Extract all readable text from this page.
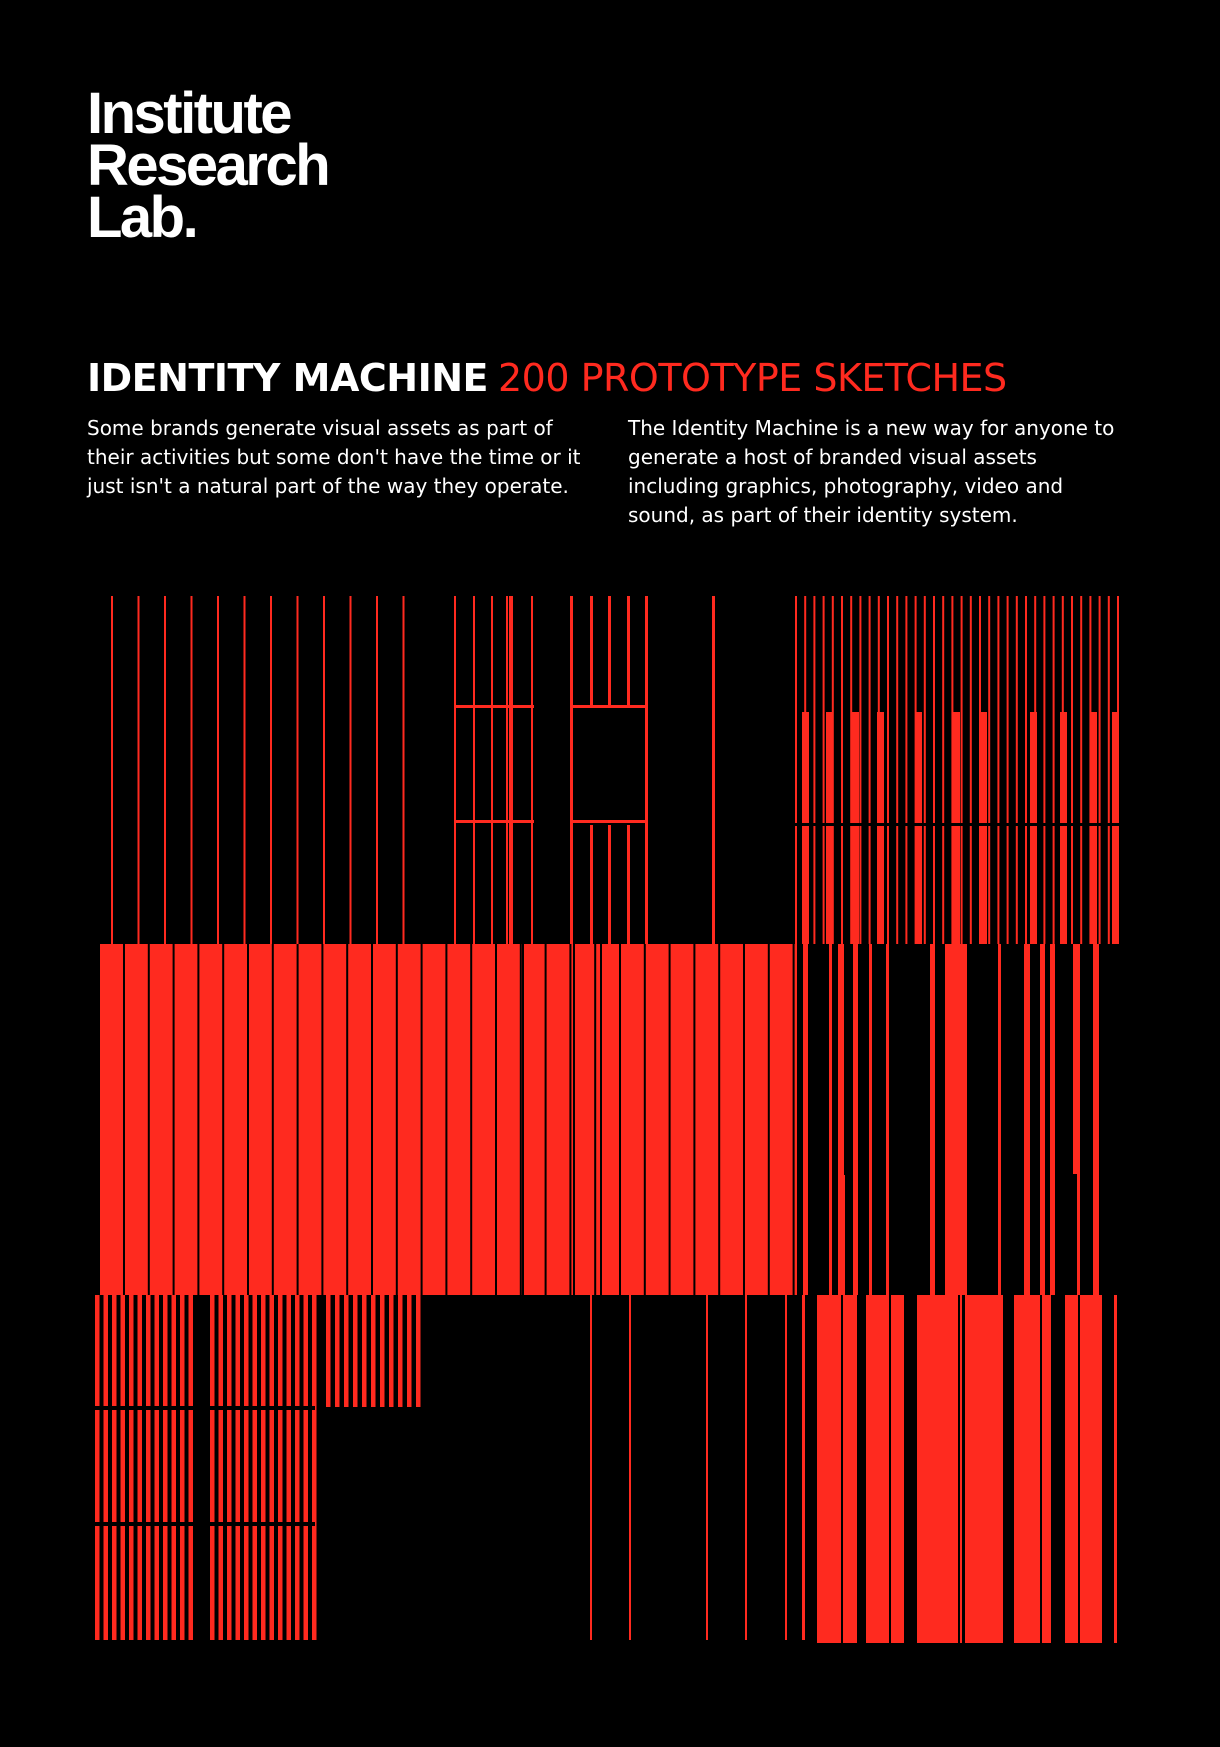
Institute
Research
Lab.
IDENTITY MACHINE 200 PROTOTYPE SKETCHES

Some brands generate visual assets as part of their activities but some don't have the time or it just isn't a natural part of the way they operate.

The Identity Machine is a new way for anyone to generate a host of branded visual assets including graphics, photography, video and sound, as part of their identity system.
